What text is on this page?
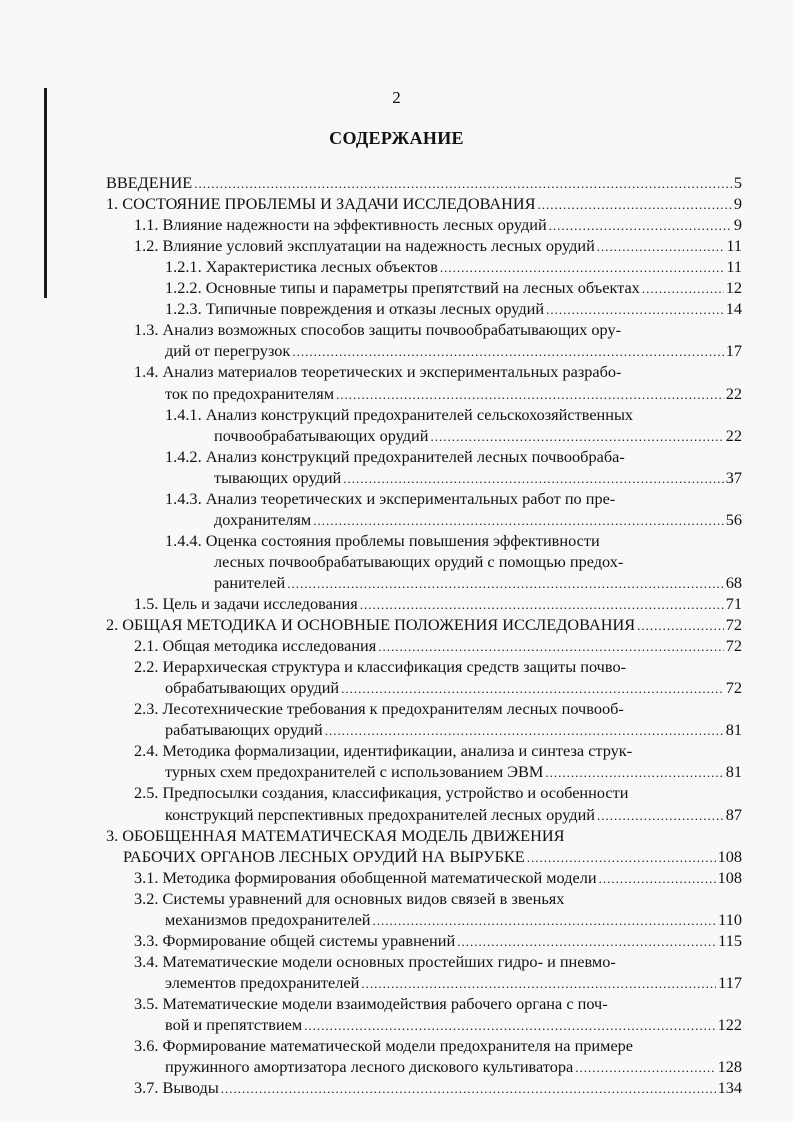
2
СОДЕРЖАНИЕ
ВВЕДЕНИЕ .....	5
1. СОСТОЯНИЕ ПРОБЛЕМЫ И ЗАДАЧИ ИССЛЕДОВАНИЯ .....	9
1.1. Влияние надежности на эффективность лесных орудий .....	9
1.2. Влияние условий эксплуатации на надежность лесных орудий .....	11
1.2.1. Характеристика лесных объектов .....	11
1.2.2. Основные типы и параметры препятствий на лесных объектах .....	12
1.2.3. Типичные повреждения и отказы лесных орудий .....	14
1.3. Анализ возможных способов защиты почвообрабатывающих ору-
дий от перегрузок .....	17
1.4. Анализ материалов теоретических и экспериментальных разрабо-
ток по предохранителям .....	22
1.4.1. Анализ конструкций предохранителей сельскохозяйственных
почвообрабатывающих орудий .....	22
1.4.2. Анализ конструкций предохранителей лесных почвообраба-
тывающих орудий .....	37
1.4.3. Анализ теоретических и экспериментальных работ по пре-
дохранителям .....	56
1.4.4. Оценка состояния проблемы повышения эффективности
лесных почвообрабатывающих орудий с помощью предох-
ранителей .....	68
1.5. Цель и задачи исследования .....	71
2. ОБЩАЯ МЕТОДИКА И ОСНОВНЫЕ ПОЛОЖЕНИЯ ИССЛЕДОВАНИЯ .....	72
2.1. Общая методика исследования .....	72
2.2. Иерархическая структура и классификация средств защиты почво-
обрабатывающих орудий .....	72
2.3. Лесотехнические требования к предохранителям лесных почвооб-
рабатывающих орудий .....	81
2.4. Методика формализации, идентификации, анализа и синтеза струк-
турных схем предохранителей с использованием ЭВМ .....	81
2.5. Предпосылки создания, классификация, устройство и особенности
конструкций перспективных предохранителей лесных орудий .....	87
3. ОБОБЩЕННАЯ МАТЕМАТИЧЕСКАЯ МОДЕЛЬ ДВИЖЕНИЯ
РАБОЧИХ ОРГАНОВ ЛЕСНЫХ ОРУДИЙ НА ВЫРУБКЕ .....	108
3.1. Методика формирования обобщенной математической модели .....	108
3.2. Системы уравнений для основных видов связей в звеньях
механизмов предохранителей .....	110
3.3. Формирование общей системы уравнений .....	115
3.4. Математические модели основных простейших гидро- и пневмо-
элементов предохранителей .....	117
3.5. Математические модели взаимодействия рабочего органа с поч-
вой и препятствием .....	122
3.6. Формирование математической модели предохранителя на примере
пружинного амортизатора лесного дискового культиватора .....	128
3.7. Выводы .....	134
